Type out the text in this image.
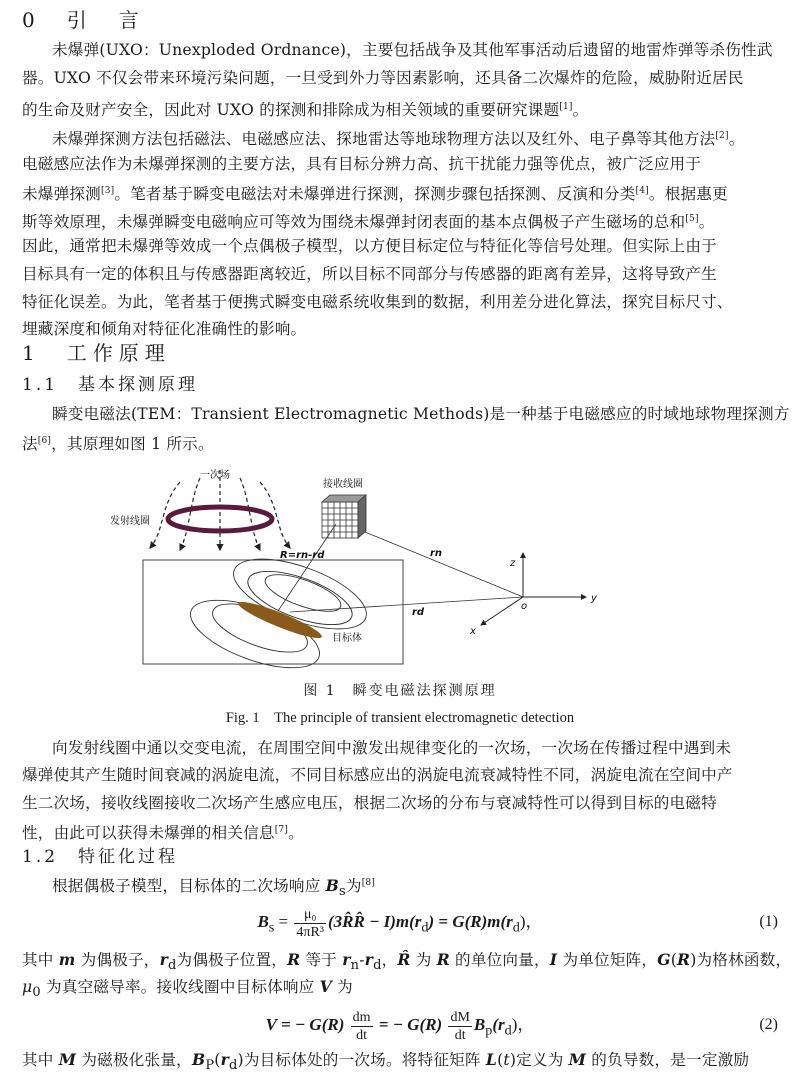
0　引　言
未爆弹(UXO：Unexploded Ordnance)，主要包括战争及其他军事活动后遗留的地雷炸弹等杀伤性武
器。UXO 不仅会带来环境污染问题，一旦受到外力等因素影响，还具备二次爆炸的危险，威胁附近居民
的生命及财产安全，因此对 UXO 的探测和排除成为相关领域的重要研究课题[1]。
未爆弹探测方法包括磁法、电磁感应法、探地雷达等地球物理方法以及红外、电子鼻等其他方法[2]。
电磁感应法作为未爆弹探测的主要方法，具有目标分辨力高、抗干扰能力强等优点，被广泛应用于
未爆弹探测[3]。笔者基于瞬变电磁法对未爆弹进行探测，探测步骤包括探测、反演和分类[4]。根据惠更
斯等效原理，未爆弹瞬变电磁响应可等效为围绕未爆弹封闭表面的基本点偶极子产生磁场的总和[5]。
因此，通常把未爆弹等效成一个点偶极子模型，以方便目标定位与特征化等信号处理。但实际上由于
目标具有一定的体积且与传感器距离较近，所以目标不同部分与传感器的距离有差异，这将导致产生
特征化误差。为此，笔者基于便携式瞬变电磁系统收集到的数据，利用差分进化算法，探究目标尺寸、
埋藏深度和倾角对特征化准确性的影响。
1　工作原理
1.1　基本探测原理
瞬变电磁法(TEM：Transient Electromagnetic Methods)是一种基于电磁感应的时域地球物理探测方
法[6]，其原理如图 1 所示。
一次场
接收线圈
发射线圈
R=rn-rd	rn
rd
目标体
z
y
x
o
图 1　瞬变电磁法探测原理
Fig. 1　The principle of transient electromagnetic detection
向发射线圈中通以交变电流，在周围空间中激发出规律变化的一次场，一次场在传播过程中遇到未
爆弹使其产生随时间衰减的涡旋电流，不同目标感应出的涡旋电流衰减特性不同，涡旋电流在空间中产
生二次场，接收线圈接收二次场产生感应电压，根据二次场的分布与衰减特性可以得到目标的电磁特
性，由此可以获得未爆弹的相关信息[7]。
1.2　特征化过程
根据偶极子模型，目标体的二次场响应 $B_s$为[8]
$B_s = \frac{\text{μ₀}}{\text{4πR³}}$ (3R̂R̂ − $I)m(r_d) = G(R)m(r_d)$，	(1)
其中 m 为偶极子，$r_d$为偶极子位置，R 等于 $r_n-r_d$，R̂ 为 R 的单位向量，I 为单位矩阵，G(R)为格林函数，
$\mu_0$ 为真空磁导率。接收线圈中目标体响应 V 为
V = − $G(R) \frac{dm}{dt}$ = − $G(R) \frac{dM}{dt} B_p(r_d)$，	(2)
其中 M 为磁极化张量，$B_P(r_d)$为目标体处的一次场。将特征矩阵 L(t)定义为 M 的负导数，是一定激励
